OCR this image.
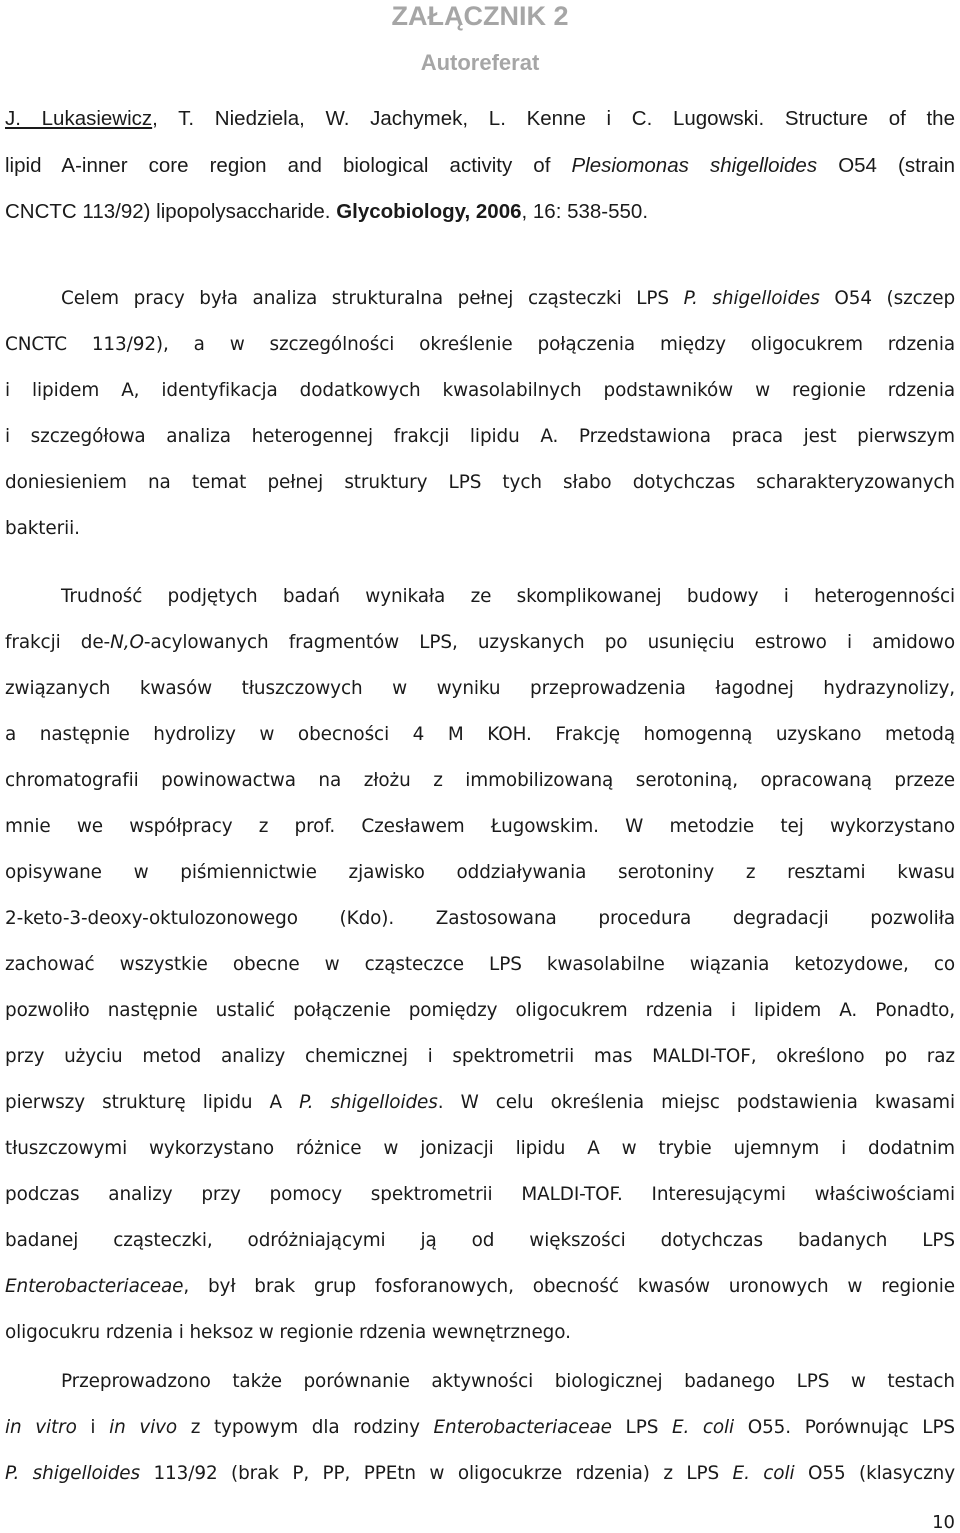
ZAŁĄCZNIK 2
Autoreferat
J. Lukasiewicz, T. Niedziela, W. Jachymek, L. Kenne i C. Lugowski. Structure of the
lipid A-inner core region and biological activity of Plesiomonas shigelloides O54 (strain
CNCTC 113/92) lipopolysaccharide. Glycobiology, 2006, 16: 538-550.
Celem pracy była analiza strukturalna pełnej cząsteczki LPS P. shigelloides O54 (szczep
CNCTC 113/92), a w szczególności określenie połączenia między oligocukrem rdzenia
i lipidem A, identyfikacja dodatkowych kwasolabilnych podstawników w regionie rdzenia
i szczegółowa analiza heterogennej frakcji lipidu A. Przedstawiona praca jest pierwszym
doniesieniem na temat pełnej struktury LPS tych słabo dotychczas scharakteryzowanych
bakterii.
Trudność podjętych badań wynikała ze skomplikowanej budowy i heterogenności
frakcji de-N,O-acylowanych fragmentów LPS, uzyskanych po usunięciu estrowo i amidowo
związanych kwasów tłuszczowych w wyniku przeprowadzenia łagodnej hydrazynolizy,
a następnie hydrolizy w obecności 4 M KOH. Frakcję homogenną uzyskano metodą
chromatografii powinowactwa na złożu z immobilizowaną serotoniną, opracowaną przeze
mnie we współpracy z prof. Czesławem Ługowskim. W metodzie tej wykorzystano
opisywane w piśmiennictwie zjawisko oddziaływania serotoniny z resztami kwasu
2-keto-3-deoxy-oktulozonowego (Kdo). Zastosowana procedura degradacji pozwoliła
zachować wszystkie obecne w cząsteczce LPS kwasolabilne wiązania ketozydowe, co
pozwoliło następnie ustalić połączenie pomiędzy oligocukrem rdzenia i lipidem A. Ponadto,
przy użyciu metod analizy chemicznej i spektrometrii mas MALDI-TOF, określono po raz
pierwszy strukturę lipidu A P. shigelloides. W celu określenia miejsc podstawienia kwasami
tłuszczowymi wykorzystano różnice w jonizacji lipidu A w trybie ujemnym i dodatnim
podczas analizy przy pomocy spektrometrii MALDI-TOF. Interesującymi właściwościami
badanej cząsteczki, odróżniającymi ją od większości dotychczas badanych LPS
Enterobacteriaceae, był brak grup fosforanowych, obecność kwasów uronowych w regionie
oligocukru rdzenia i heksoz w regionie rdzenia wewnętrznego.
Przeprowadzono także porównanie aktywności biologicznej badanego LPS w testach
in vitro i in vivo z typowym dla rodziny Enterobacteriaceae LPS E. coli O55. Porównując LPS
P. shigelloides 113/92 (brak P, PP, PPEtn w oligocukrze rdzenia) z LPS E. coli O55 (klasyczny
10
